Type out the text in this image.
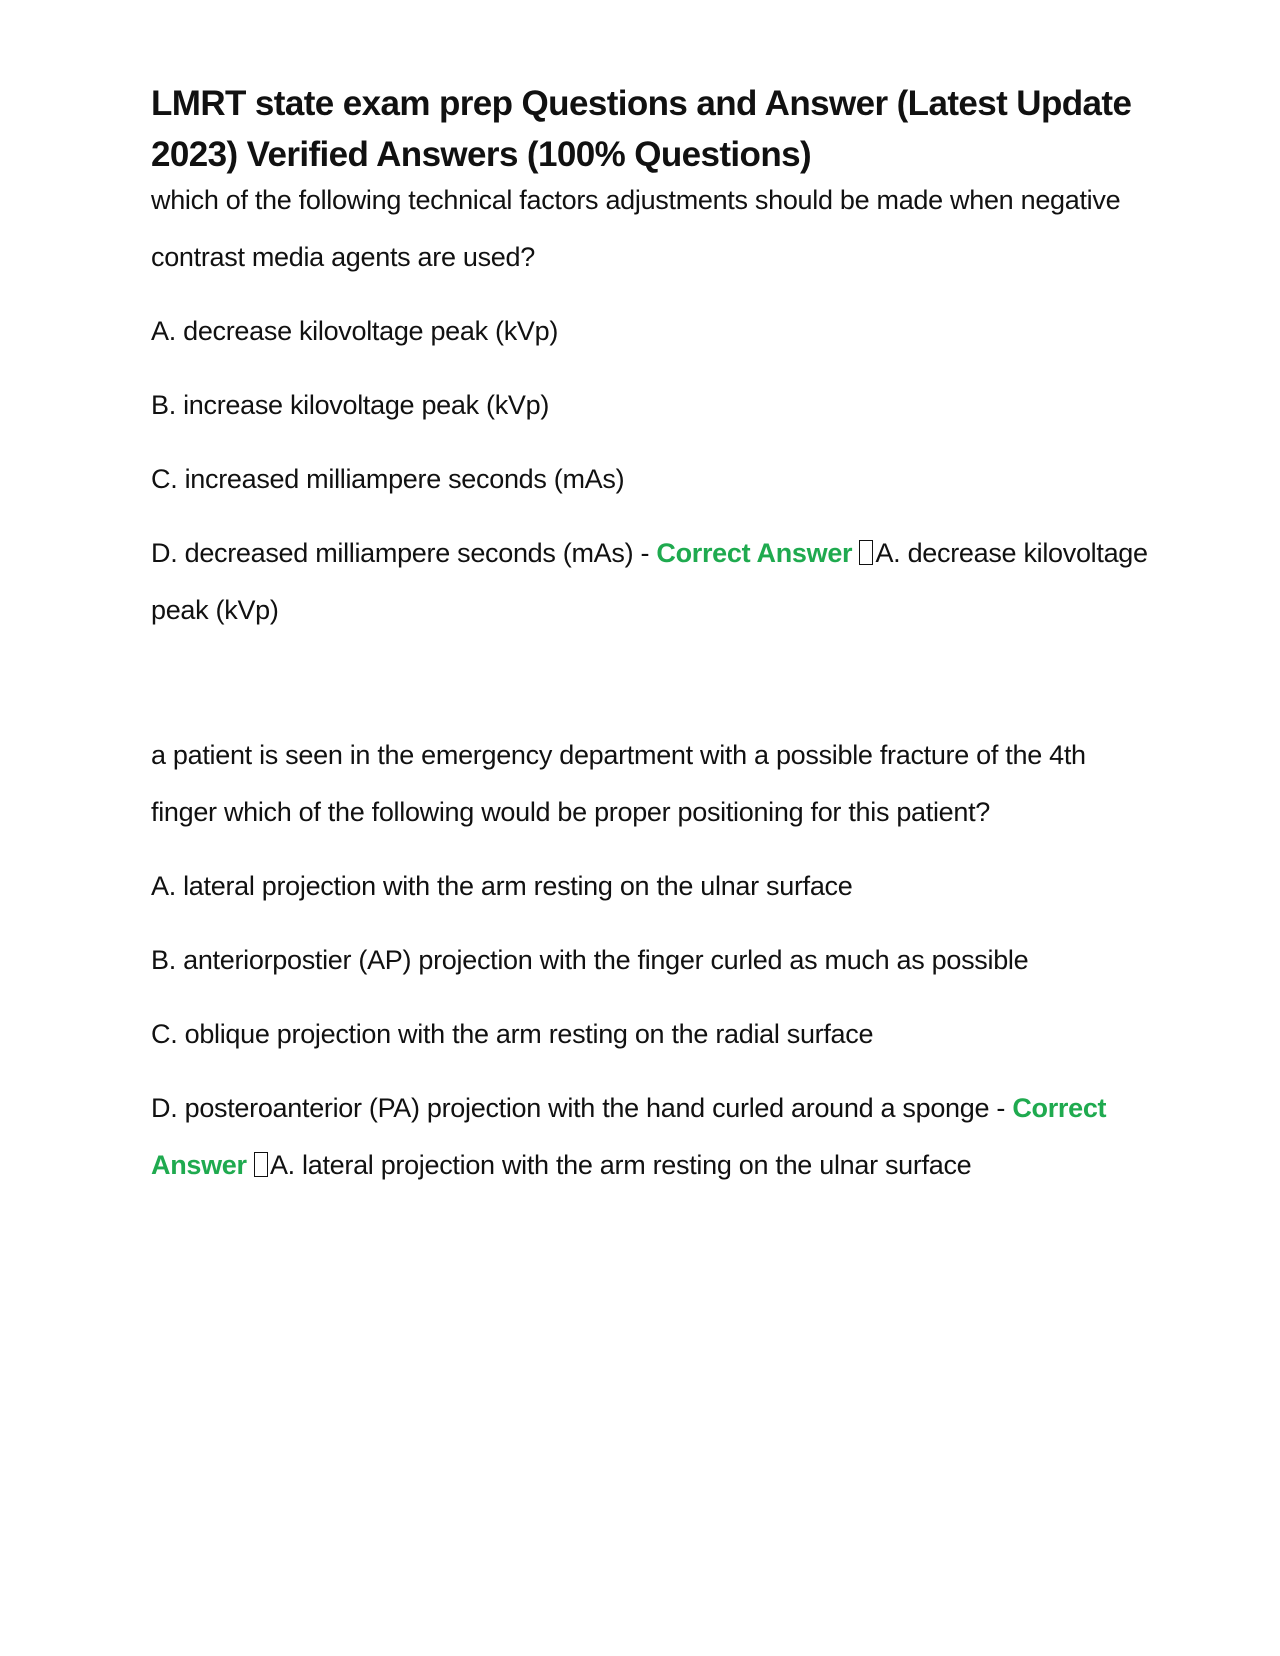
LMRT state exam prep Questions and Answer (Latest Update 2023) Verified Answers (100% Questions)

which of the following technical factors adjustments should be made when negative contrast media agents are used?

A. decrease kilovoltage peak (kVp)

B. increase kilovoltage peak (kVp)

C. increased milliampere seconds (mAs)

D. decreased milliampere seconds (mAs) - Correct Answer A. decrease kilovoltage peak (kVp)

a patient is seen in the emergency department with a possible fracture of the 4th finger which of the following would be proper positioning for this patient?

A. lateral projection with the arm resting on the ulnar surface

B. anteriorpostier (AP) projection with the finger curled as much as possible

C. oblique projection with the arm resting on the radial surface

D. posteroanterior (PA) projection with the hand curled around a sponge - Correct Answer A. lateral projection with the arm resting on the ulnar surface
